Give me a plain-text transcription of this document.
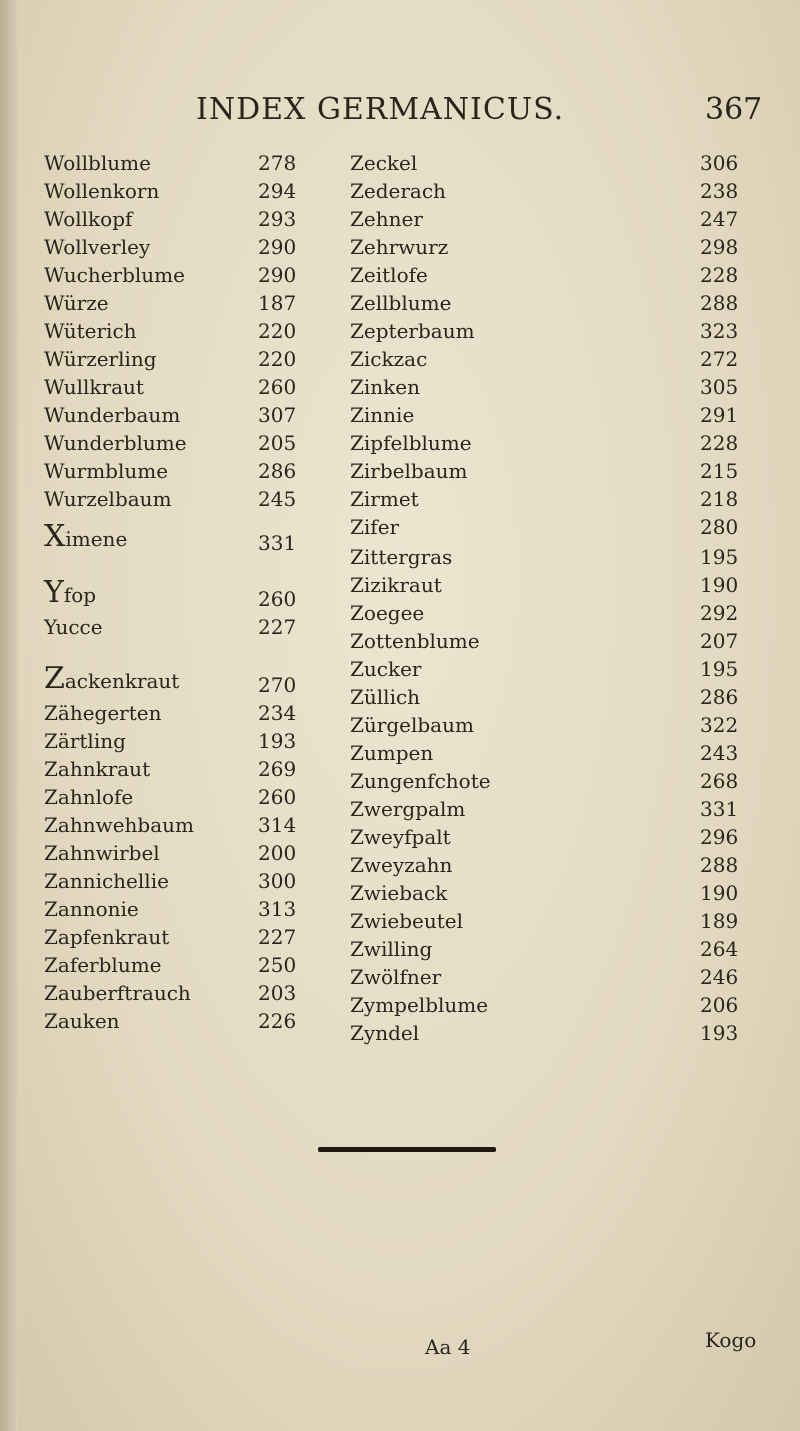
INDEX GERMANICUS.	367
Wollblume	278
Wollenkorn	294
Wollkopf	293
Wollverley	290
Wucherblume	290
Würze	187
Wüterich	220
Würzerling	220
Wullkraut	260
Wunderbaum	307
Wunderblume	205
Wurmblume	286
Wurzelbaum	245
Ximene	331
Yfop	260
Yucce	227
Zackenkraut	270
Zähegerten	234
Zärtling	193
Zahnkraut	269
Zahnlofe	260
Zahnwehbaum	314
Zahnwirbel	200
Zannichellie	300
Zannonie	313
Zapfenkraut	227
Zaferblume	250
Zauberftrauch	203
Zauken	226
Zeckel	306
Zederach	238
Zehner	247
Zehrwurz	298
Zeitlofe	228
Zellblume	288
Zepterbaum	323
Zickzac	272
Zinken	305
Zinnie	291
Zipfelblume	228
Zirbelbaum	215
Zirmet	218
Zifer	280
Zittergras	195
Zizikraut	190
Zoegee	292
Zottenblume	207
Zucker	195
Züllich	286
Zürgelbaum	322
Zumpen	243
Zungenfchote	268
Zwergpalm	331
Zweyfpalt	296
Zweyzahn	288
Zwieback	190
Zwiebeutel	189
Zwilling	264
Zwölfner	246
Zympelblume	206
Zyndel	193
Aa 4	Kogo
